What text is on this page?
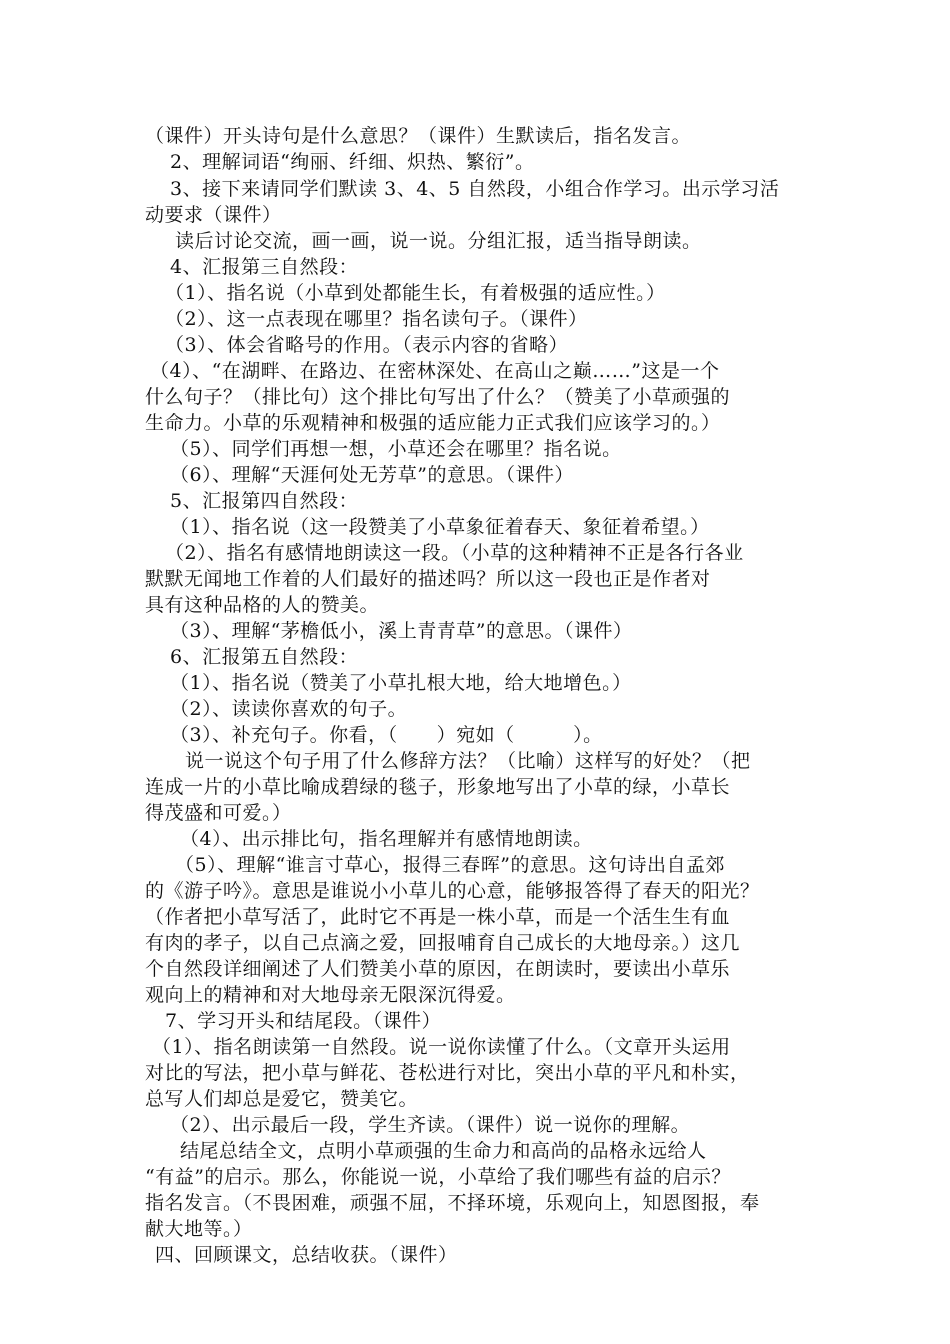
（课件）开头诗句是什么意思？（课件）生默读后，指名发言。
2、理解词语“绚丽、纤细、炽热、繁衍”。
3、接下来请同学们默读 3、4、5 自然段，小组合作学习。出示学习活
动要求（课件）
读后讨论交流，画一画，说一说。分组汇报，适当指导朗读。
4、汇报第三自然段：
（1）、指名说（小草到处都能生长，有着极强的适应性。）
（2）、这一点表现在哪里？指名读句子。（课件）
（3）、体会省略号的作用。（表示内容的省略）
（4）、“在湖畔、在路边、在密林深处、在高山之巅……”这是一个
什么句子？（排比句）这个排比句写出了什么？（赞美了小草顽强的
生命力。小草的乐观精神和极强的适应能力正式我们应该学习的。）
（5）、同学们再想一想，小草还会在哪里？指名说。
（6）、理解“天涯何处无芳草”的意思。（课件）
5、汇报第四自然段：
（1）、指名说（这一段赞美了小草象征着春天、象征着希望。）
（2）、指名有感情地朗读这一段。（小草的这种精神不正是各行各业
默默无闻地工作着的人们最好的描述吗？所以这一段也正是作者对
具有这种品格的人的赞美。
（3）、理解“茅檐低小，溪上青青草”的意思。（课件）
6、汇报第五自然段：
（1）、指名说（赞美了小草扎根大地，给大地增色。）
（2）、读读你喜欢的句子。
（3）、补充句子。你看，（　　）宛如（　　　）。
说一说这个句子用了什么修辞方法？（比喻）这样写的好处？（把
连成一片的小草比喻成碧绿的毯子，形象地写出了小草的绿，小草长
得茂盛和可爱。）
（4）、出示排比句，指名理解并有感情地朗读。
（5）、理解“谁言寸草心，报得三春晖”的意思。这句诗出自孟郊
的《游子吟》。意思是谁说小小草儿的心意，能够报答得了春天的阳光？
（作者把小草写活了，此时它不再是一株小草，而是一个活生生有血
有肉的孝子，以自己点滴之爱，回报哺育自己成长的大地母亲。）这几
个自然段详细阐述了人们赞美小草的原因，在朗读时，要读出小草乐
观向上的精神和对大地母亲无限深沉得爱。
7、学习开头和结尾段。（课件）
（1）、指名朗读第一自然段。说一说你读懂了什么。（文章开头运用
对比的写法，把小草与鲜花、苍松进行对比，突出小草的平凡和朴实，
总写人们却总是爱它，赞美它。
（2）、出示最后一段，学生齐读。（课件）说一说你的理解。
结尾总结全文，点明小草顽强的生命力和高尚的品格永远给人
“有益”的启示。那么，你能说一说，小草给了我们哪些有益的启示？
指名发言。（不畏困难，顽强不屈，不择环境，乐观向上，知恩图报，奉
献大地等。）
四、回顾课文，总结收获。（课件）
